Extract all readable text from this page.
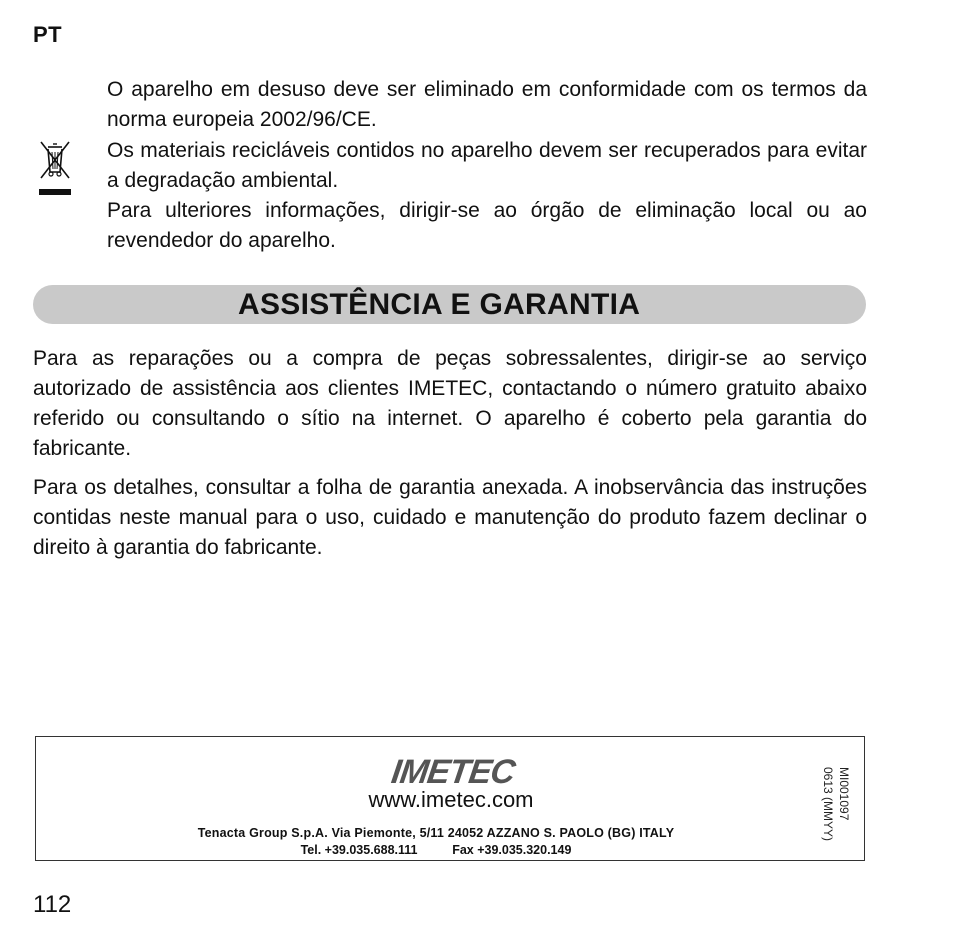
PT

O aparelho em desuso deve ser eliminado em conformidade com os termos da norma europeia 2002/96/CE.

Os materiais recicláveis contidos no aparelho devem ser recuperados para evitar a degradação ambiental.

Para ulteriores informações, dirigir-se ao órgão de eliminação local ou ao revendedor do aparelho.

ASSISTÊNCIA E GARANTIA

Para as reparações ou a compra de peças sobressalentes, dirigir-se ao serviço autorizado de assistência aos clientes IMETEC, contactando o número gratuito abaixo referido ou consultando o sítio na internet. O aparelho é coberto pela garantia do fabricante.

Para os detalhes, consultar a folha de garantia anexada. A inobservância das instruções contidas neste manual para o uso, cuidado e manutenção do produto fazem declinar o direito à garantia do fabricante.

IMETEC
www.imetec.com
Tenacta Group S.p.A. Via Piemonte, 5/11 24052 AZZANO S. PAOLO (BG) ITALY
Tel. +39.035.688.111          Fax +39.035.320.149
MI001097
0613 (MMYY)
112
